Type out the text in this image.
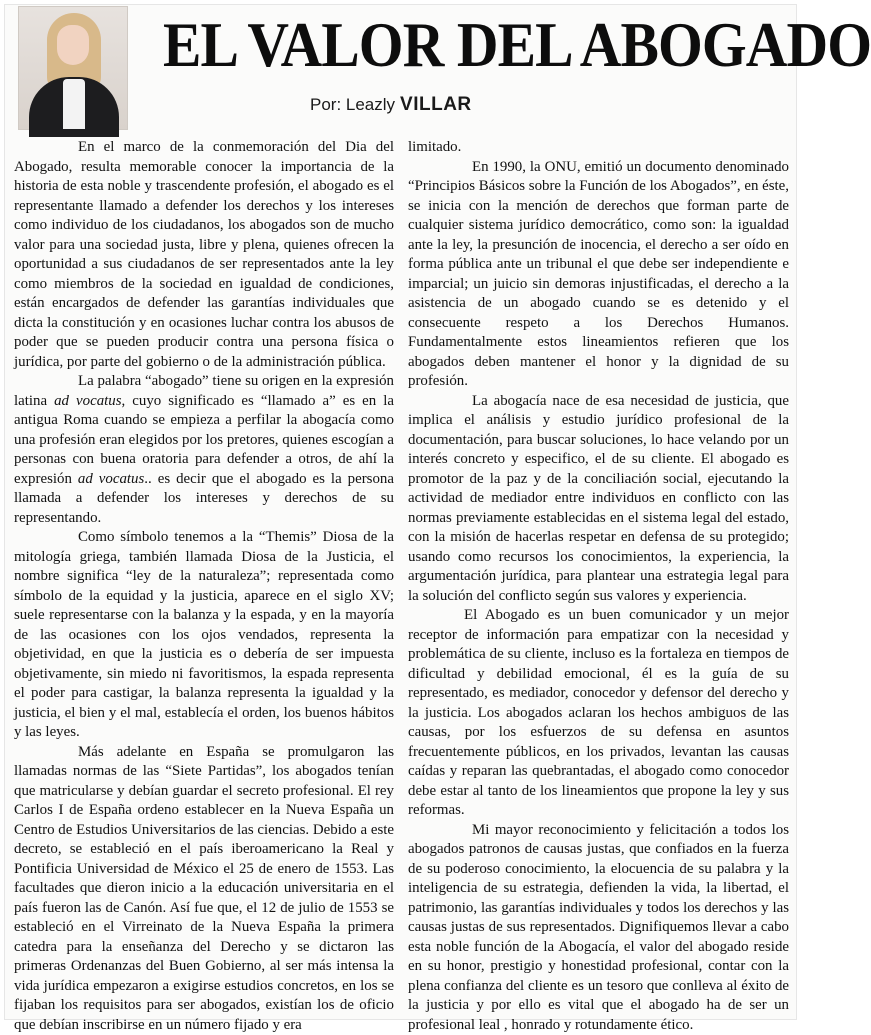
EL VALOR DEL ABOGADO
Por: Leazly VILLAR

En el marco de la conmemoración del Dia del Abogado, resulta memorable conocer la importancia de la historia de esta noble y trascendente profesión, el abogado es el representante llamado a defender los derechos y los intereses como individuo de los ciudadanos, los abogados son de mucho valor para una sociedad justa, libre y plena, quienes ofrecen la oportunidad a sus ciudadanos de ser representados ante la ley como miembros de la sociedad en igualdad de condiciones, están encargados de defender las garantías individuales que dicta la constitución y en ocasiones luchar contra los abusos de poder que se pueden producir contra una persona física o jurídica, por parte del gobierno o de la administración pública.

La palabra “abogado” tiene su origen en la expresión latina ad vocatus, cuyo significado es “llamado a” es en la antigua Roma cuando se empieza a perfilar la abogacía como una profesión eran elegidos por los pretores, quienes escogían a personas con buena oratoria para defender a otros, de ahí la expresión ad vocatus.. es decir que el abogado es la persona llamada a defender los intereses y derechos de su representando.

Como símbolo tenemos a la “Themis” Diosa de la mitología griega, también llamada Diosa de la Justicia, el nombre significa “ley de la naturaleza”; representada como símbolo de la equidad y la justicia, aparece en el siglo XV; suele representarse con la balanza y la espada, y en la mayoría de las ocasiones con los ojos vendados, representa la objetividad, en que la justicia es o debería de ser impuesta objetivamente, sin miedo ni favoritismos, la espada representa el poder para castigar, la balanza representa la igualdad y la justicia, el bien y el mal, establecía el orden, los buenos hábitos y las leyes.

Más adelante en España se promulgaron las llamadas normas de las “Siete Partidas”, los abogados tenían que matricularse y debían guardar el secreto profesional. El rey Carlos I de España ordeno establecer en la Nueva España un Centro de Estudios Universitarios de las ciencias. Debido a este decreto, se estableció en el país iberoamericano la Real y Pontificia Universidad de México el 25 de enero de 1553. Las facultades que dieron inicio a la educación universitaria en el país fueron las de Canón. Así fue que, el 12 de julio de 1553 se estableció en el Virreinato de la Nueva España la primera catedra para la enseñanza del Derecho y se dictaron las primeras Ordenanzas del Buen Gobierno, al ser más intensa la vida jurídica empezaron a exigirse estudios concretos, en los se fijaban los requisitos para ser abogados, existían los de oficio que debían inscribirse en un número fijado y era

limitado.

En 1990, la ONU, emitió un documento denominado “Principios Básicos sobre la Función de los Abogados”, en éste, se inicia con la mención de derechos que forman parte de cualquier sistema jurídico democrático, como son: la igualdad ante la ley, la presunción de inocencia, el derecho a ser oído en forma pública ante un tribunal el que debe ser independiente e imparcial; un juicio sin demoras injustificadas, el derecho a la asistencia de un abogado cuando se es detenido y el consecuente respeto a los Derechos Humanos. Fundamentalmente estos lineamientos refieren que los abogados deben mantener el honor y la dignidad de su profesión.

La abogacía nace de esa necesidad de justicia, que implica el análisis y estudio jurídico profesional de la documentación, para buscar soluciones, lo hace velando por un interés concreto y especifico, el de su cliente. El abogado es promotor de la paz y de la conciliación social, ejecutando la actividad de mediador entre individuos en conflicto con las normas previamente establecidas en el sistema legal del estado, con la misión de hacerlas respetar en defensa de su protegido; usando como recursos los conocimientos, la experiencia, la argumentación jurídica, para plantear una estrategia legal para la solución del conflicto según sus valores y experiencia.

El Abogado es un buen comunicador y un mejor receptor de información para empatizar con la necesidad y problemática de su cliente, incluso es la fortaleza en tiempos de dificultad y debilidad emocional, él es la guía de su representado, es mediador, conocedor y defensor del derecho y la justicia. Los abogados aclaran los hechos ambiguos de las causas, por los esfuerzos de su defensa en asuntos frecuentemente públicos, en los privados, levantan las causas caídas y reparan las quebrantadas, el abogado como conocedor debe estar al tanto de los lineamientos que propone la ley y sus reformas.

Mi mayor reconocimiento y felicitación a todos los abogados patronos de causas justas, que confiados en la fuerza de su poderoso conocimiento, la elocuencia de su palabra y la inteligencia de su estrategia, defienden la vida, la libertad, el patrimonio, las garantías individuales y todos los derechos y las causas justas de sus representados. Dignifiquemos llevar a cabo esta noble función de la Abogacía, el valor del abogado reside en su honor, prestigio y honestidad profesional, contar con la plena confianza del cliente es un tesoro que conlleva al éxito de la justicia y por ello es vital que el abogado ha de ser un profesional leal , honrado y rotundamente ético.
